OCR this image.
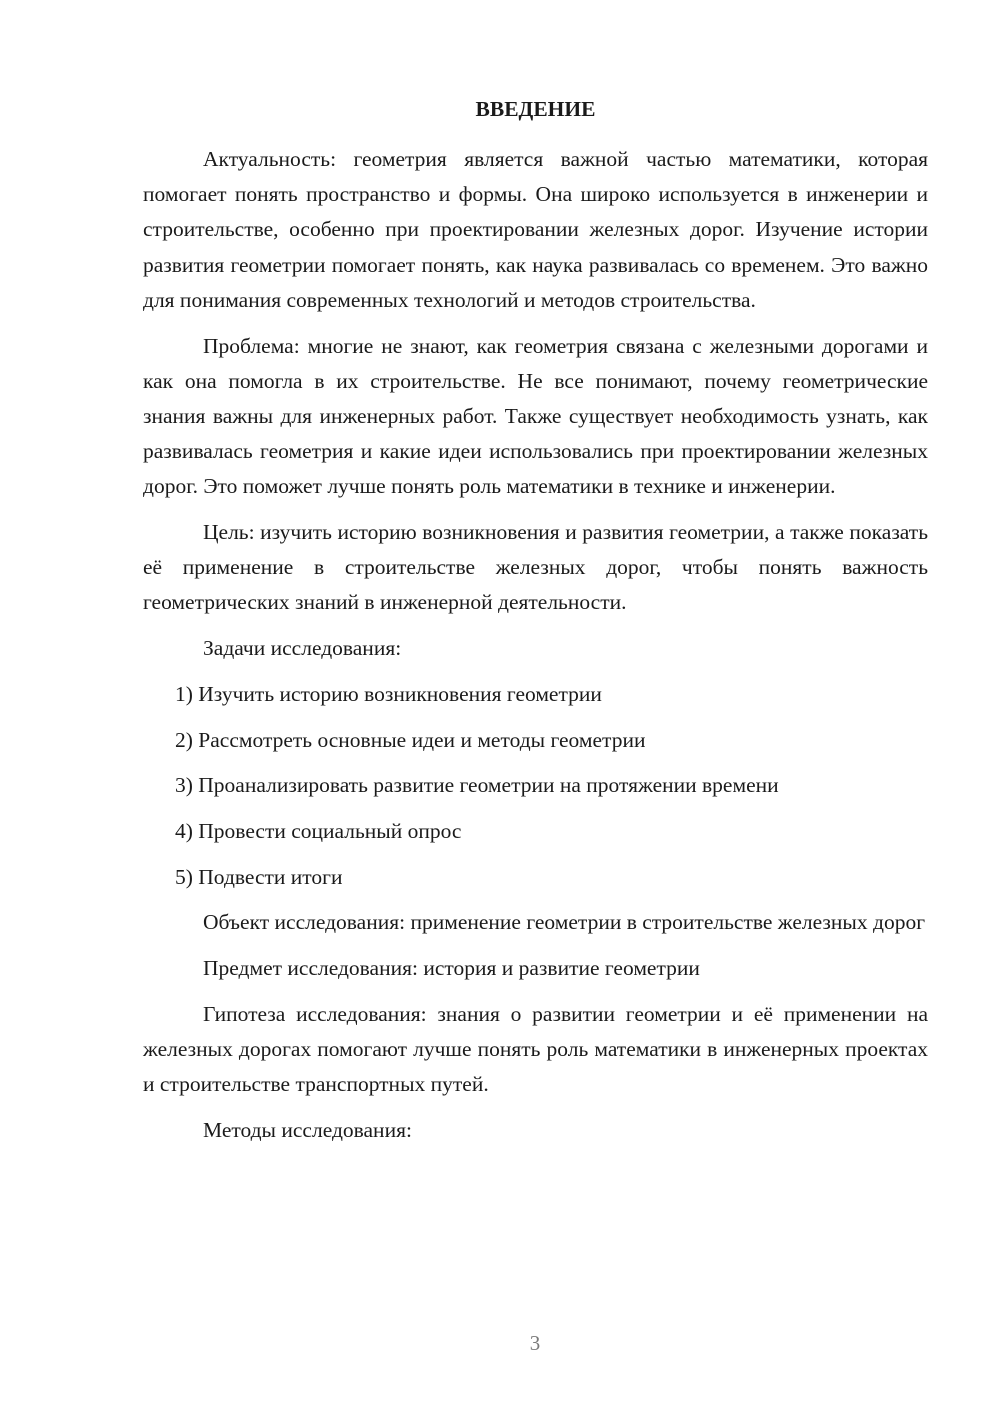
ВВЕДЕНИЕ

Актуальность: геометрия является важной частью математики, которая помогает понять пространство и формы. Она широко используется в инженерии и строительстве, особенно при проектировании железных дорог. Изучение истории развития геометрии помогает понять, как наука развивалась со временем. Это важно для понимания современных технологий и методов строительства.

Проблема: многие не знают, как геометрия связана с железными дорогами и как она помогла в их строительстве. Не все понимают, почему геометрические знания важны для инженерных работ. Также существует необходимость узнать, как развивалась геометрия и какие идеи использовались при проектировании железных дорог. Это поможет лучше понять роль математики в технике и инженерии.

Цель: изучить историю возникновения и развития геометрии, а также показать её применение в строительстве железных дорог, чтобы понять важность геометрических знаний в инженерной деятельности.

Задачи исследования:

1) Изучить историю возникновения геометрии
2) Рассмотреть основные идеи и методы геометрии
3) Проанализировать развитие геометрии на протяжении времени
4) Провести социальный опрос
5) Подвести итоги

Объект исследования: применение геометрии в строительстве железных дорог

Предмет исследования: история и развитие геометрии

Гипотеза исследования: знания о развитии геометрии и её применении на железных дорогах помогают лучше понять роль математики в инженерных проектах и строительстве транспортных путей.

Методы исследования:

3
